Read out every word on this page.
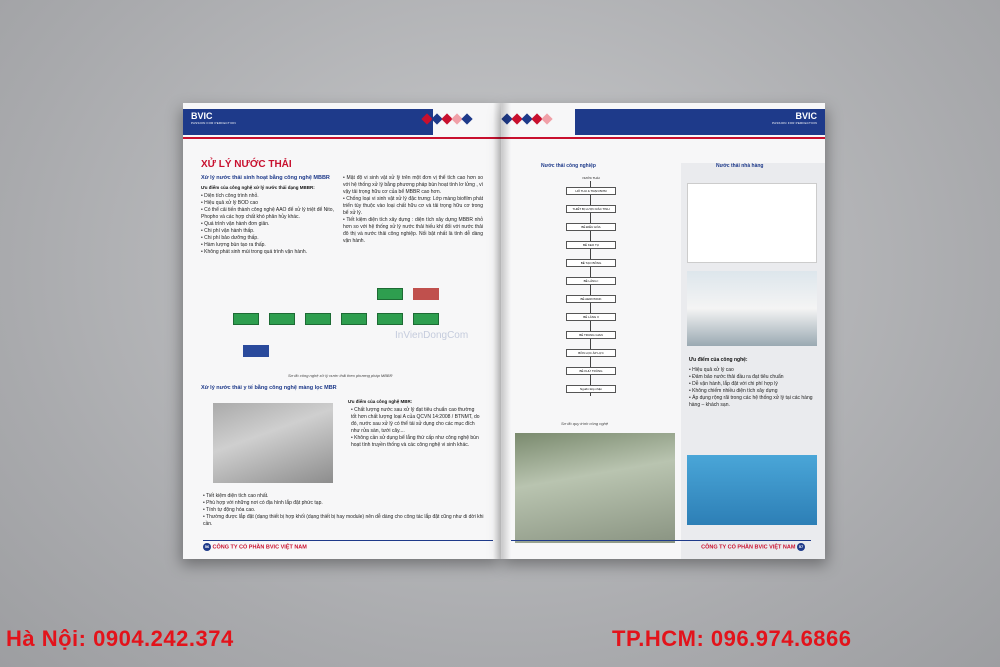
BVIC
PASSION FOR PERFECTION
XỬ LÝ NƯỚC THẢI
Xử lý nước thải sinh hoạt bằng công nghệ MBBR
Ưu điểm của công nghệ xử lý nước thải dạng MBBR:
• Diện tích công trình nhỏ.
• Hiệu quả xử lý BOD cao
• Có thể cải tiến thành công nghệ AAO để xử lý triệt để Nito, Phopho và các hợp chất khó phân hủy khác.
• Quá trình vận hành đơn giản.
• Chi phí vận hành thấp.
• Chi phí bảo dưỡng thấp.
• Hàm lượng bùn tạo ra thấp.
• Không phát sinh mùi trong quá trình vận hành.
• Mật độ vi sinh vật xử lý trên một đơn vị thể tích cao hơn so với hệ thống xử lý bằng phương pháp bùn hoạt tính lơ lửng , vì vậy tải trọng hữu cơ của bể MBBR cao hơn.
• Chống loại vi sinh vật xử lý đặc trưng: Lớp màng biofilm phát triển tùy thuộc vào loại chất hữu cơ và tải trọng hữu cơ trong bể xử lý.
• Tiết kiệm diện tích xây dựng : diện tích xây dựng MBBR nhỏ hơn so với hệ thống xử lý nước thải hiếu khí đối với nước thải đô thị và nước thải công nghiệp. Nối bật nhất là tính dễ dàng vận hành.
Sơ đồ công nghệ xử lý nước thải theo phương pháp MBBR
Xử lý nước thải y tế bằng công nghệ màng lọc MBR
Ưu điểm của công nghệ MBR:
• Chất lượng nước sau xử lý đạt tiêu chuẩn cao thường tốt hơn chất lượng loại A của QCVN 14:2008 / BTNMT, do đó, nước sau xử lý có thể tái sử dụng cho các mục đích như rửa sàn, tưới cây....
• Không cần sử dụng bể lắng thứ cấp như công nghệ bùn hoạt tính truyền thống và các công nghệ vi sinh khác.
• Tiết kiệm diện tích cao nhất.
• Phù hợp với những nơi có địa hình lắp đặt phức tạp.
• Tính tự động hóa cao.
• Thường được lắp đặt (dạng thiết bị hợp khối (dạng thiết bị hay module) nên dễ dàng cho công tác lắp đặt cũng như di dời khi cần.
56 CÔNG TY CỔ PHẦN BVIC VIỆT NAM
BVIC
PASSION FOR PERFECTION
Nước thải công nghiệp	Nước thải nhà hàng
NƯỚC THẢI
HỐ THU & TRẠN BƠM
THIẾT BỊ LƯỢC RÁC TINH
BỂ ĐIỀU HÒA
BỂ KEO TỤ
BỂ TẠO BÔNG
BỂ LẮNG I
BỂ AEROTANK
BỂ LẮNG II
BỂ TRUNG GIAN
BỒN LỌC ÁP LỰC
BỂ KHỬ TRÙNG
Nguồn tiếp nhận
Sơ đồ quy trình công nghệ
Ưu điểm của công nghệ:
• Hiệu quả xử lý cao
• Đảm bảo nước thải đầu ra đạt tiêu chuẩn
• Dễ vận hành, lắp đặt với chi phí hợp lý
• Không chiếm nhiều diện tích xây dựng
• Áp dụng rộng rãi trong các hệ thống xử lý tại các hàng hàng – khách sạn.
CÔNG TY CỔ PHẦN BVIC VIỆT NAM 57
InVienDongCom
Hà Nội: 0904.242.374	TP.HCM: 096.974.6866
